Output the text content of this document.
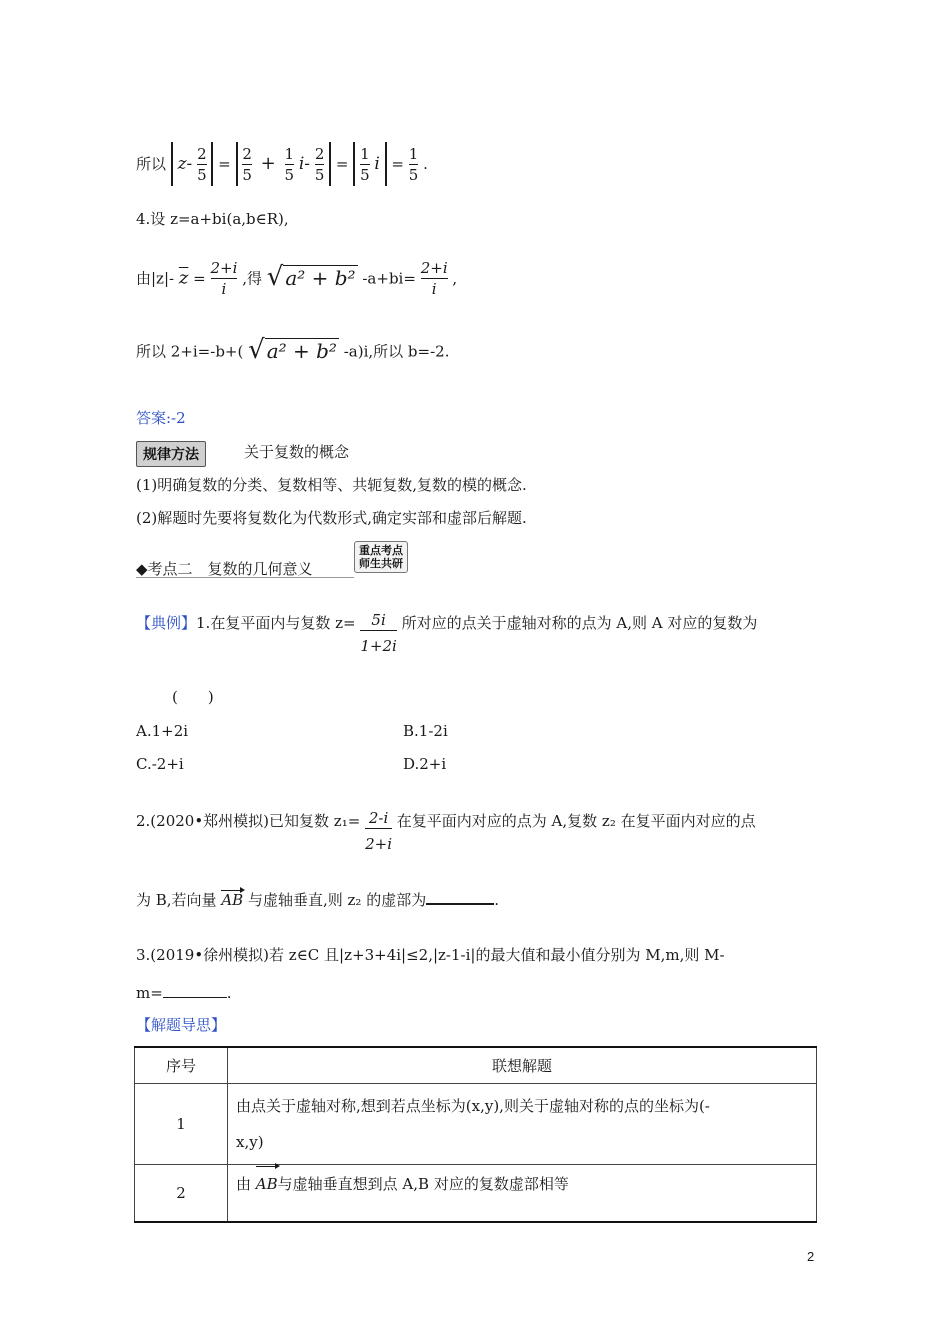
所以 $z- \frac{2}{5} = \frac{2}{5} + \frac{1}{5} i- \frac{2}{5} = \frac{1}{5}$ $i = \frac{1}{5}$ .
4.设 z=a+bi(a,b∈R),
由|z|- $\overline{z} = \frac{2+i}{i}$ ,得 √ a² + b² $-a+bi= \frac{2+i}{i}$ ,
所以 2+i=-b+( √ a² + b² -a)i,所以 b=-2.
答案:-2
规律方法	关于复数的概念
(1)明确复数的分类、复数相等、共轭复数,复数的模的概念.
(2)解题时先要将复数化为代数形式,确定实部和虚部后解题.
◆考点二　复数的几何意义
重点考点
师生共研
【典例】1.在复平面内与复数 $z= \frac{5i}{1+2i}$ 所对应的点关于虚轴对称的点为 A,则 A 对应的复数为
(　　)
A.1+2i	B.1-2i
C.-2+i	D.2+i
2.(2020•郑州模拟)已知复数 $z_1= \frac{2-i}{2+i}$ 在复平面内对应的点为 A,复数 z₂ 在复平面内对应的点
为 B,若向量 AB 与虚轴垂直,则 z₂ 的虚部为	.
3.(2019•徐州模拟)若 z∈C 且|z+3+4i|≤2,|z-1-i|的最大值和最小值分别为 M,m,则 M-
m=	.
【解题导思】
序号	联想解题
1	由点关于虚轴对称,想到若点坐标为(x,y),则关于虚轴对称的点的坐标为(-
x,y)

2	由 AB与虚轴垂直想到点 A,B 对应的复数虚部相等
2
